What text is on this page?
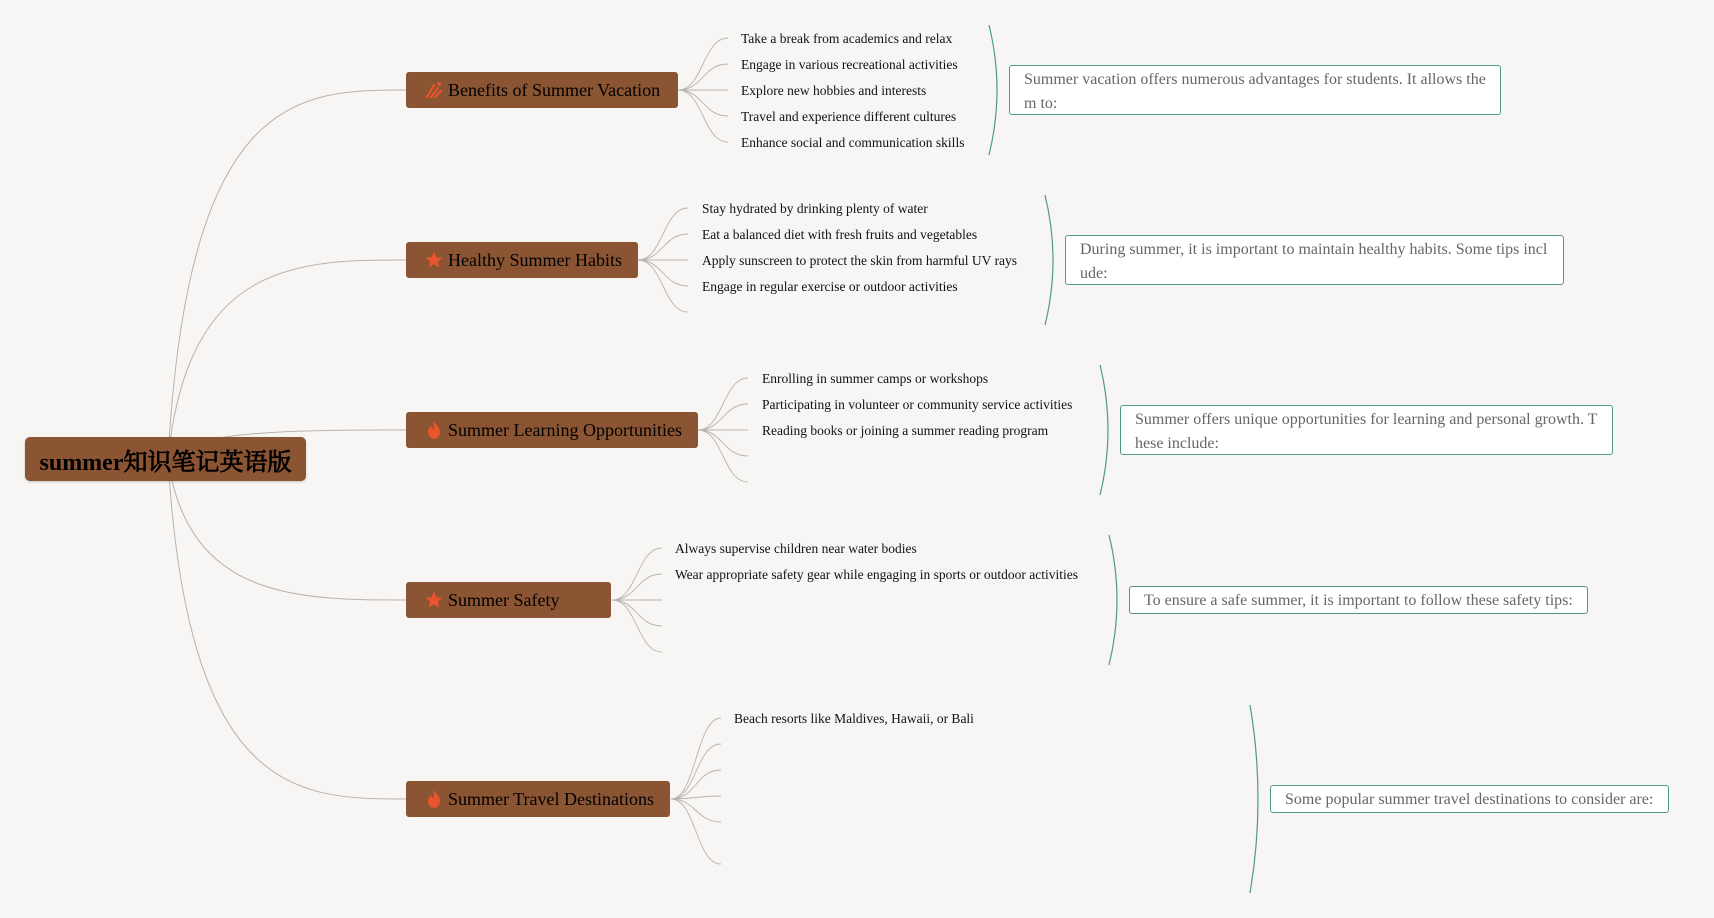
summer知识笔记英语版
Benefits of Summer Vacation
Healthy Summer Habits
Summer Learning Opportunities
Summer Safety
Summer Travel Destinations
Take a break from academics and relax
Engage in various recreational activities
Explore new hobbies and interests
Travel and experience different cultures
Enhance social and communication skills
Stay hydrated by drinking plenty of water
Eat a balanced diet with fresh fruits and vegetables
Apply sunscreen to protect the skin from harmful UV rays
Engage in regular exercise or outdoor activities
Enrolling in summer camps or workshops
Participating in volunteer or community service activities
Reading books or joining a summer reading program
Always supervise children near water bodies
Wear appropriate safety gear while engaging in sports or outdoor activities
Beach resorts like Maldives, Hawaii, or Bali
Summer vacation offers numerous advantages for students. It allows them to:
During summer, it is important to maintain healthy habits. Some tips include:
Summer offers unique opportunities for learning and personal growth. These include:
To ensure a safe summer, it is important to follow these safety tips:
Some popular summer travel destinations to consider are:
